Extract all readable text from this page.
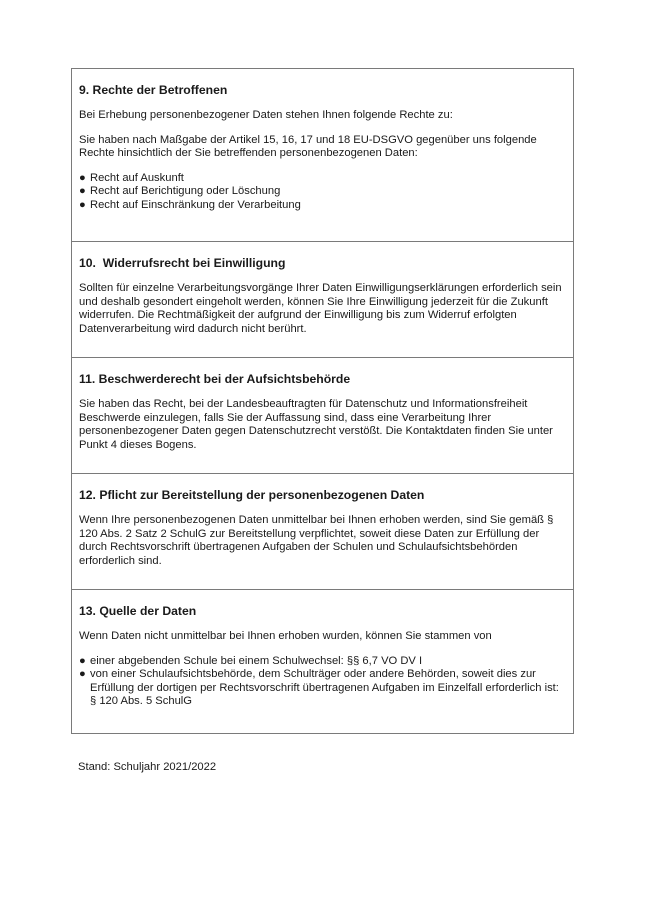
9. Rechte der Betroffenen

Bei Erhebung personenbezogener Daten stehen Ihnen folgende Rechte zu:

Sie haben nach Maßgabe der Artikel 15, 16, 17 und 18 EU-DSGVO gegenüber uns folgende Rechte hinsichtlich der Sie betreffenden personenbezogenen Daten:

● Recht auf Auskunft
● Recht auf Berichtigung oder Löschung
● Recht auf Einschränkung der Verarbeitung
10.  Widerrufsrecht bei Einwilligung

Sollten für einzelne Verarbeitungsvorgänge Ihrer Daten Einwilligungserklärungen erforderlich sein und deshalb gesondert eingeholt werden, können Sie Ihre Einwilligung jederzeit für die Zukunft widerrufen. Die Rechtmäßigkeit der aufgrund der Einwilligung bis zum Widerruf erfolgten Datenverarbeitung wird dadurch nicht berührt.

11. Beschwerderecht bei der Aufsichtsbehörde

Sie haben das Recht, bei der Landesbeauftragten für Datenschutz und Informationsfreiheit Beschwerde einzulegen, falls Sie der Auffassung sind, dass eine Verarbeitung Ihrer personenbezogener Daten gegen Datenschutzrecht verstößt. Die Kontaktdaten finden Sie unter Punkt 4 dieses Bogens.

12. Pflicht zur Bereitstellung der personenbezogenen Daten

Wenn Ihre personenbezogenen Daten unmittelbar bei Ihnen erhoben werden, sind Sie gemäß § 120 Abs. 2 Satz 2 SchulG zur Bereitstellung verpflichtet, soweit diese Daten zur Erfüllung der durch Rechtsvorschrift übertragenen Aufgaben der Schulen und Schulaufsichtsbehörden erforderlich sind.

13. Quelle der Daten

Wenn Daten nicht unmittelbar bei Ihnen erhoben wurden, können Sie stammen von

● einer abgebenden Schule bei einem Schulwechsel: §§ 6,7 VO DV I
● von einer Schulaufsichtsbehörde, dem Schulträger oder andere Behörden, soweit dies zur Erfüllung der dortigen per Rechtsvorschrift übertragenen Aufgaben im Einzelfall erforderlich ist: § 120 Abs. 5 SchulG
Stand: Schuljahr 2021/2022
